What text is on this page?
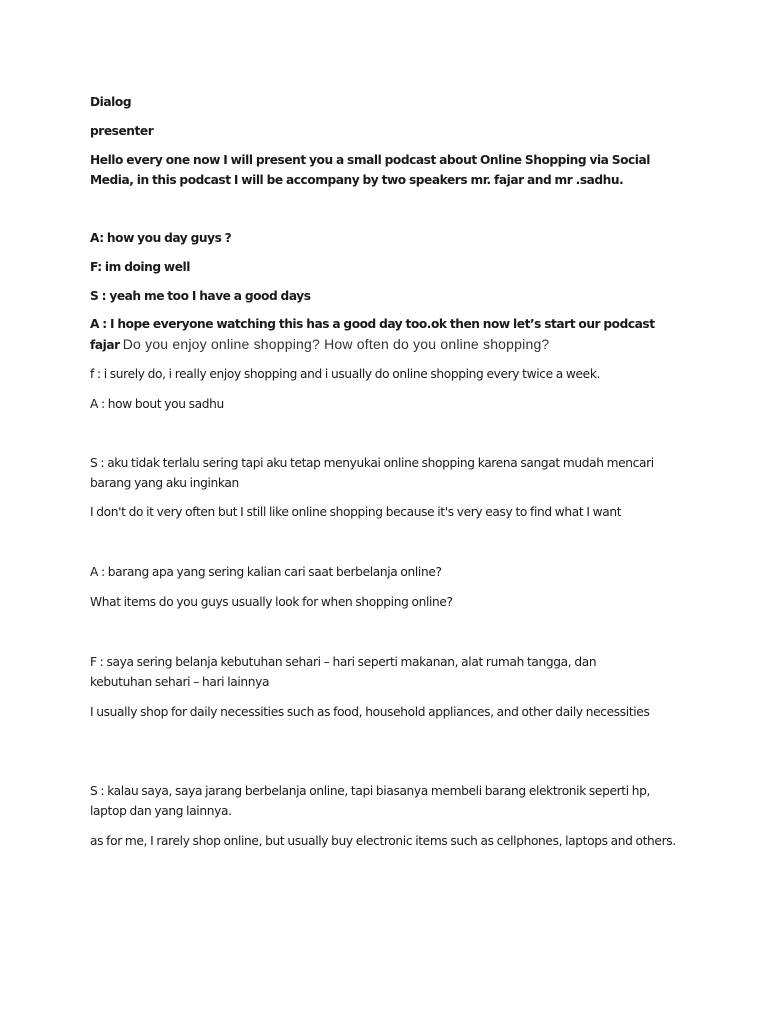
Dialog

presenter

Hello every one now I will present you a small podcast about Online Shopping via Social Media, in this podcast I will be accompany by two speakers mr. fajar and mr .sadhu.

A: how you day guys ?

F: im doing well

S : yeah me too I have a good days

A : I hope everyone watching this has a good day too.ok then now let’s start our podcast fajar Do you enjoy online shopping? How often do you online shopping?

f : i surely do, i really enjoy shopping and i usually do online shopping every twice a week.

A : how bout you sadhu

S : aku tidak terlalu sering tapi aku tetap menyukai online shopping karena sangat mudah mencari barang yang aku inginkan

I don't do it very often but I still like online shopping because it's very easy to find what I want

A : barang apa yang sering kalian cari saat berbelanja online?

What items do you guys usually look for when shopping online?

F : saya sering belanja kebutuhan sehari – hari seperti makanan, alat rumah tangga, dan kebutuhan sehari – hari lainnya

I usually shop for daily necessities such as food, household appliances, and other daily necessities

S : kalau saya, saya jarang berbelanja online, tapi biasanya membeli barang elektronik seperti hp, laptop dan yang lainnya.

as for me, I rarely shop online, but usually buy electronic items such as cellphones, laptops and others.
